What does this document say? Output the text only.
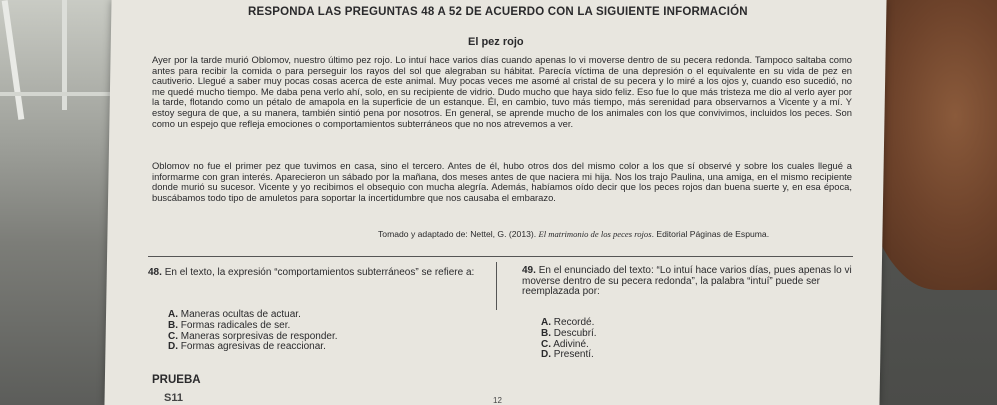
RESPONDA LAS PREGUNTAS 48 A 52 DE ACUERDO CON LA SIGUIENTE INFORMACIÓN
El pez rojo
Ayer por la tarde murió Oblomov, nuestro último pez rojo. Lo intuí hace varios días cuando apenas lo vi moverse dentro de su pecera redonda. Tampoco saltaba como antes para recibir la comida o para perseguir los rayos del sol que alegraban su hábitat. Parecía víctima de una depresión o el equivalente en su vida de pez en cautiverio. Llegué a saber muy pocas cosas acerca de este animal. Muy pocas veces me asomé al cristal de su pecera y lo miré a los ojos y, cuando eso sucedió, no me quedé mucho tiempo. Me daba pena verlo ahí, solo, en su recipiente de vidrio. Dudo mucho que haya sido feliz. Eso fue lo que más tristeza me dio al verlo ayer por la tarde, flotando como un pétalo de amapola en la superficie de un estanque. Él, en cambio, tuvo más tiempo, más serenidad para observarnos a Vicente y a mí. Y estoy segura de que, a su manera, también sintió pena por nosotros. En general, se aprende mucho de los animales con los que convivimos, incluidos los peces. Son como un espejo que refleja emociones o comportamientos subterráneos que no nos atrevemos a ver.
Oblomov no fue el primer pez que tuvimos en casa, sino el tercero. Antes de él, hubo otros dos del mismo color a los que sí observé y sobre los cuales llegué a informarme con gran interés. Aparecieron un sábado por la mañana, dos meses antes de que naciera mi hija. Nos los trajo Paulina, una amiga, en el mismo recipiente donde murió su sucesor. Vicente y yo recibimos el obsequio con mucha alegría. Además, habíamos oído decir que los peces rojos dan buena suerte y, en esa época, buscábamos todo tipo de amuletos para soportar la incertidumbre que nos causaba el embarazo.
Tomado y adaptado de: Nettel, G. (2013). El matrimonio de los peces rojos. Editorial Páginas de Espuma.
48. En el texto, la expresión “comportamientos subterráneos” se refiere a:	49. En el enunciado del texto: “Lo intuí hace varios días, pues apenas lo vi moverse dentro de su pecera redonda”, la palabra “intuí” puede ser reemplazada por:
A. Maneras ocultas de actuar.
B. Formas radicales de ser.
C. Maneras sorpresivas de responder.
D. Formas agresivas de reaccionar.
A. Recordé.
B. Descubrí.
C. Adiviné.
D. Presentí.
PRUEBA
S11	12
